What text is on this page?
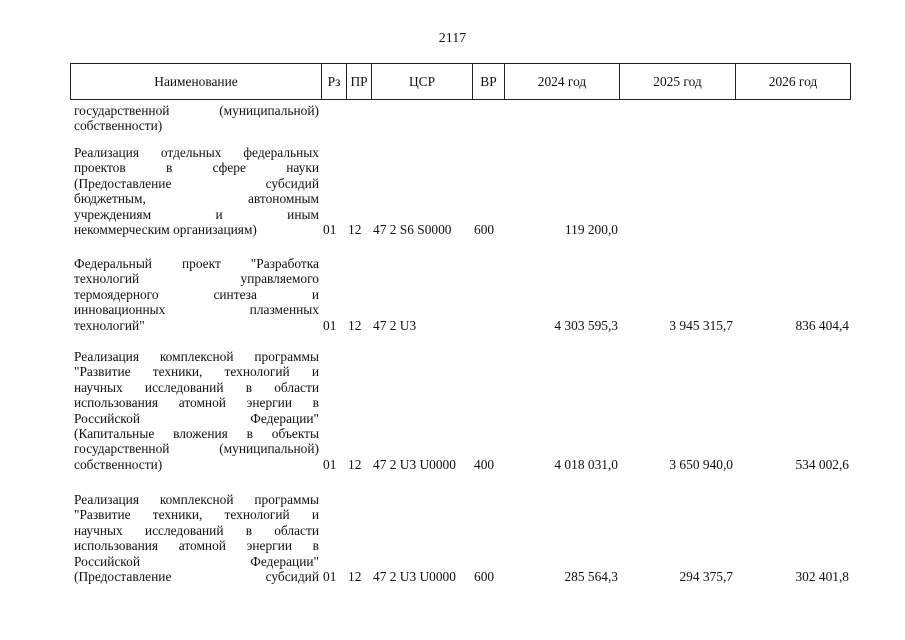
2117
Наименование	Рз ПР	ЦСР	ВР	2024 год	2025 год	2026 год
государственной (муниципальной)
собственности)
Реализация отдельных федеральных
проектов в сфере науки
(Предоставление субсидий
бюджетным, автономным
учреждениям и иным
некоммерческим организациям)	01 12 47 2 S6 S0000	600	119 200,0
Федеральный проект "Разработка
технологий управляемого
термоядерного синтеза и
инновационных плазменных
технологий"	01 12 47 2 U3	4 303 595,3	3 945 315,7	836 404,4
Реализация комплексной программы
"Развитие техники, технологий и
научных исследований в области
использования атомной энергии в
Российской Федерации"
(Капитальные вложения в объекты
государственной (муниципальной)
собственности)	01 12 47 2 U3 U0000	400	4 018 031,0	3 650 940,0	534 002,6
Реализация комплексной программы
"Развитие техники, технологий и
научных исследований в области
использования атомной энергии в
Российской Федерации"
(Предоставление субсидий 01 12 47 2 U3 U0000	600	285 564,3	294 375,7	302 401,8
